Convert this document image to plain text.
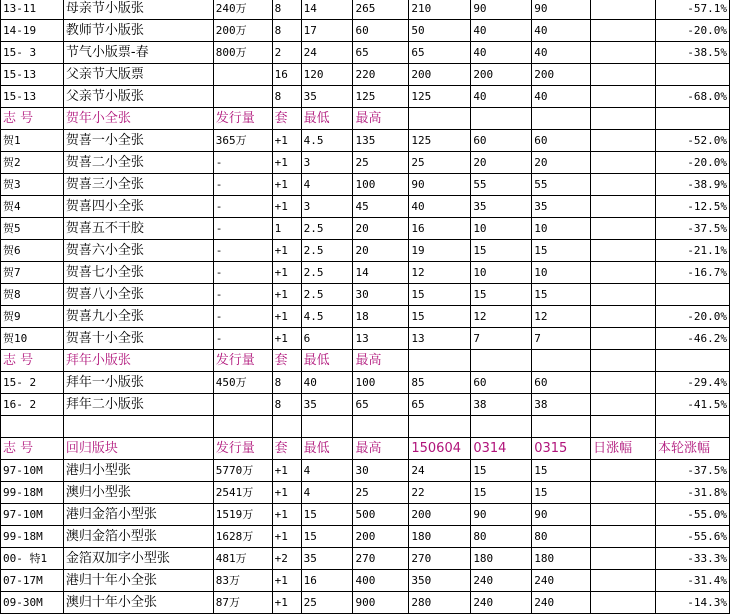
13-11	母亲节小版张	240万	8	14	265	210	90	90		-57.1%
14-19	教师节小版张	200万	8	17	60	50	40	40		-20.0%
15- 3	节气小版票-春	800万	2	24	65	65	40	40		-38.5%
15-13	父亲节大版票		16	120	220	200	200	200		
15-13	父亲节小版张		8	35	125	125	40	40		-68.0%
志 号	贺年小全张	发行量	套	最低	最高					
贺1	贺喜一小全张	365万	+1	4.5	135	125	60	60		-52.0%
贺2	贺喜二小全张	-	+1	3	25	25	20	20		-20.0%
贺3	贺喜三小全张	-	+1	4	100	90	55	55		-38.9%
贺4	贺喜四小全张	-	+1	3	45	40	35	35		-12.5%
贺5	贺喜五不干胶	-	1	2.5	20	16	10	10		-37.5%
贺6	贺喜六小全张	-	+1	2.5	20	19	15	15		-21.1%
贺7	贺喜七小全张	-	+1	2.5	14	12	10	10		-16.7%
贺8	贺喜八小全张	-	+1	2.5	30	15	15	15		
贺9	贺喜九小全张	-	+1	4.5	18	15	12	12		-20.0%
贺10	贺喜十小全张	-	+1	6	13	13	7	7		-46.2%
志 号	拜年小版张	发行量	套	最低	最高					
15- 2	拜年一小版张	450万	8	40	100	85	60	60		-29.4%
16- 2	拜年二小版张		8	35	65	65	38	38		-41.5%

志 号	回归版块	发行量	套	最低	最高	150604	0314	0315	日涨幅	本轮涨幅
97-10M	港归小型张	5770万	+1	4	30	24	15	15		-37.5%
99-18M	澳归小型张	2541万	+1	4	25	22	15	15		-31.8%
97-10M	港归金箔小型张	1519万	+1	15	500	200	90	90		-55.0%
99-18M	澳归金箔小型张	1628万	+1	15	200	180	80	80		-55.6%
00- 特1	金箔双加字小型张	481万	+2	35	270	270	180	180		-33.3%
07-17M	港归十年小全张	83万	+1	16	400	350	240	240		-31.4%
09-30M	澳归十年小全张	87万	+1	25	900	280	240	240		-14.3%
